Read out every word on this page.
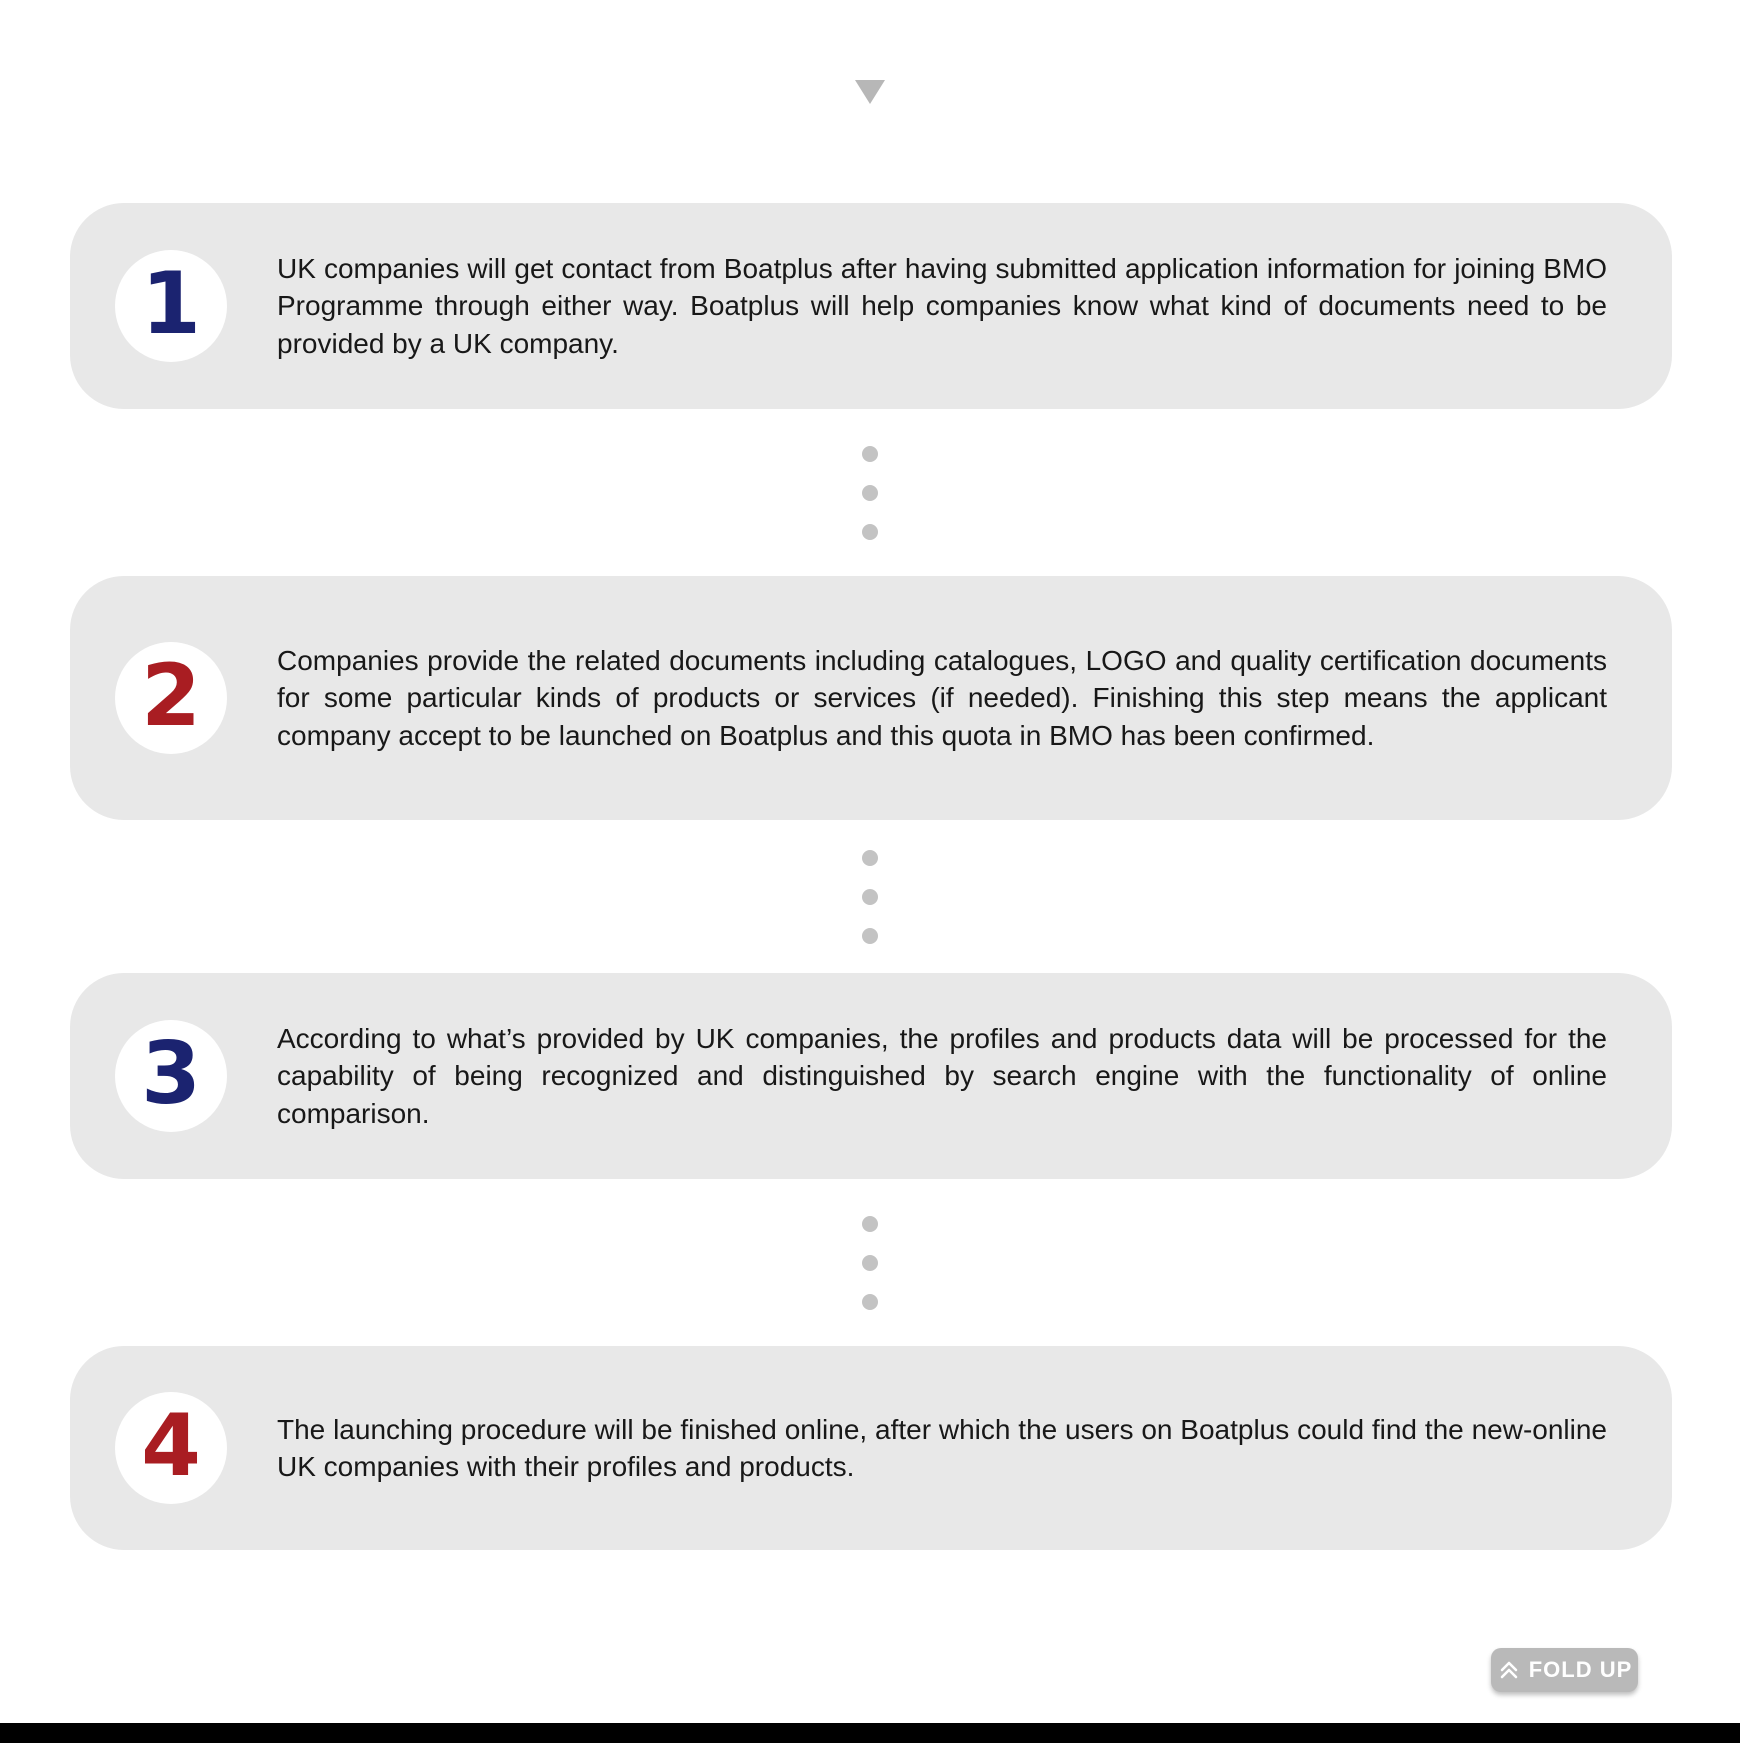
1	UK companies will get contact from Boatplus after having submitted application information for joining BMO Programme through either way. Boatplus will help companies know what kind of documents need to be provided by a UK company.
2	Companies provide the related documents including catalogues, LOGO and quality certification documents for some particular kinds of products or services (if needed). Finishing this step means the applicant company accept to be launched on Boatplus and this quota in BMO has been confirmed.
3	According to what’s provided by UK companies, the profiles and products data will be processed for the capability of being recognized and distinguished by search engine with the functionality of online comparison.
4	The launching procedure will be finished online, after which the users on Boatplus could find the new-online UK companies with their profiles and products.
FOLD UP
